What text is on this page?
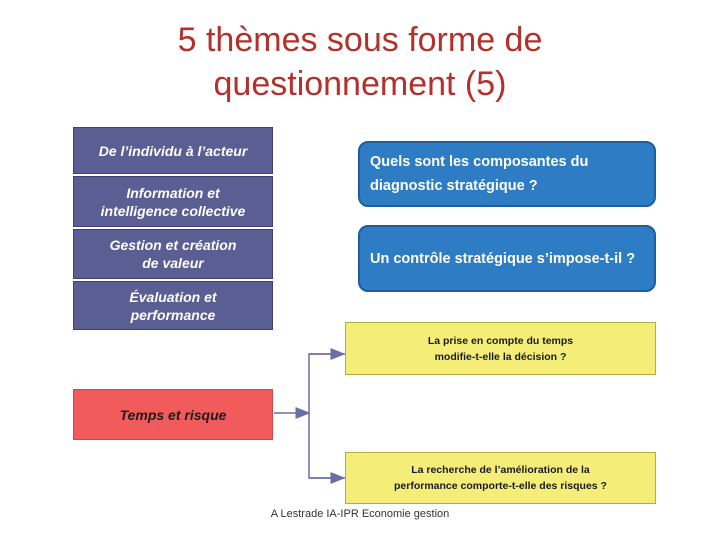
5 thèmes sous forme de
questionnement (5)
De l’individu à l’acteur
Information et intelligence collective
Gestion et création de valeur
Évaluation et performance
Temps et risque
Quels sont les composantes du diagnostic stratégique ?
Un contrôle stratégique s’impose-t-il ?
La prise en compte du temps
modifie-t-elle la décision ?
La recherche de l’amélioration de la
performance comporte-t-elle des risques ?
A Lestrade IA-IPR Economie gestion
